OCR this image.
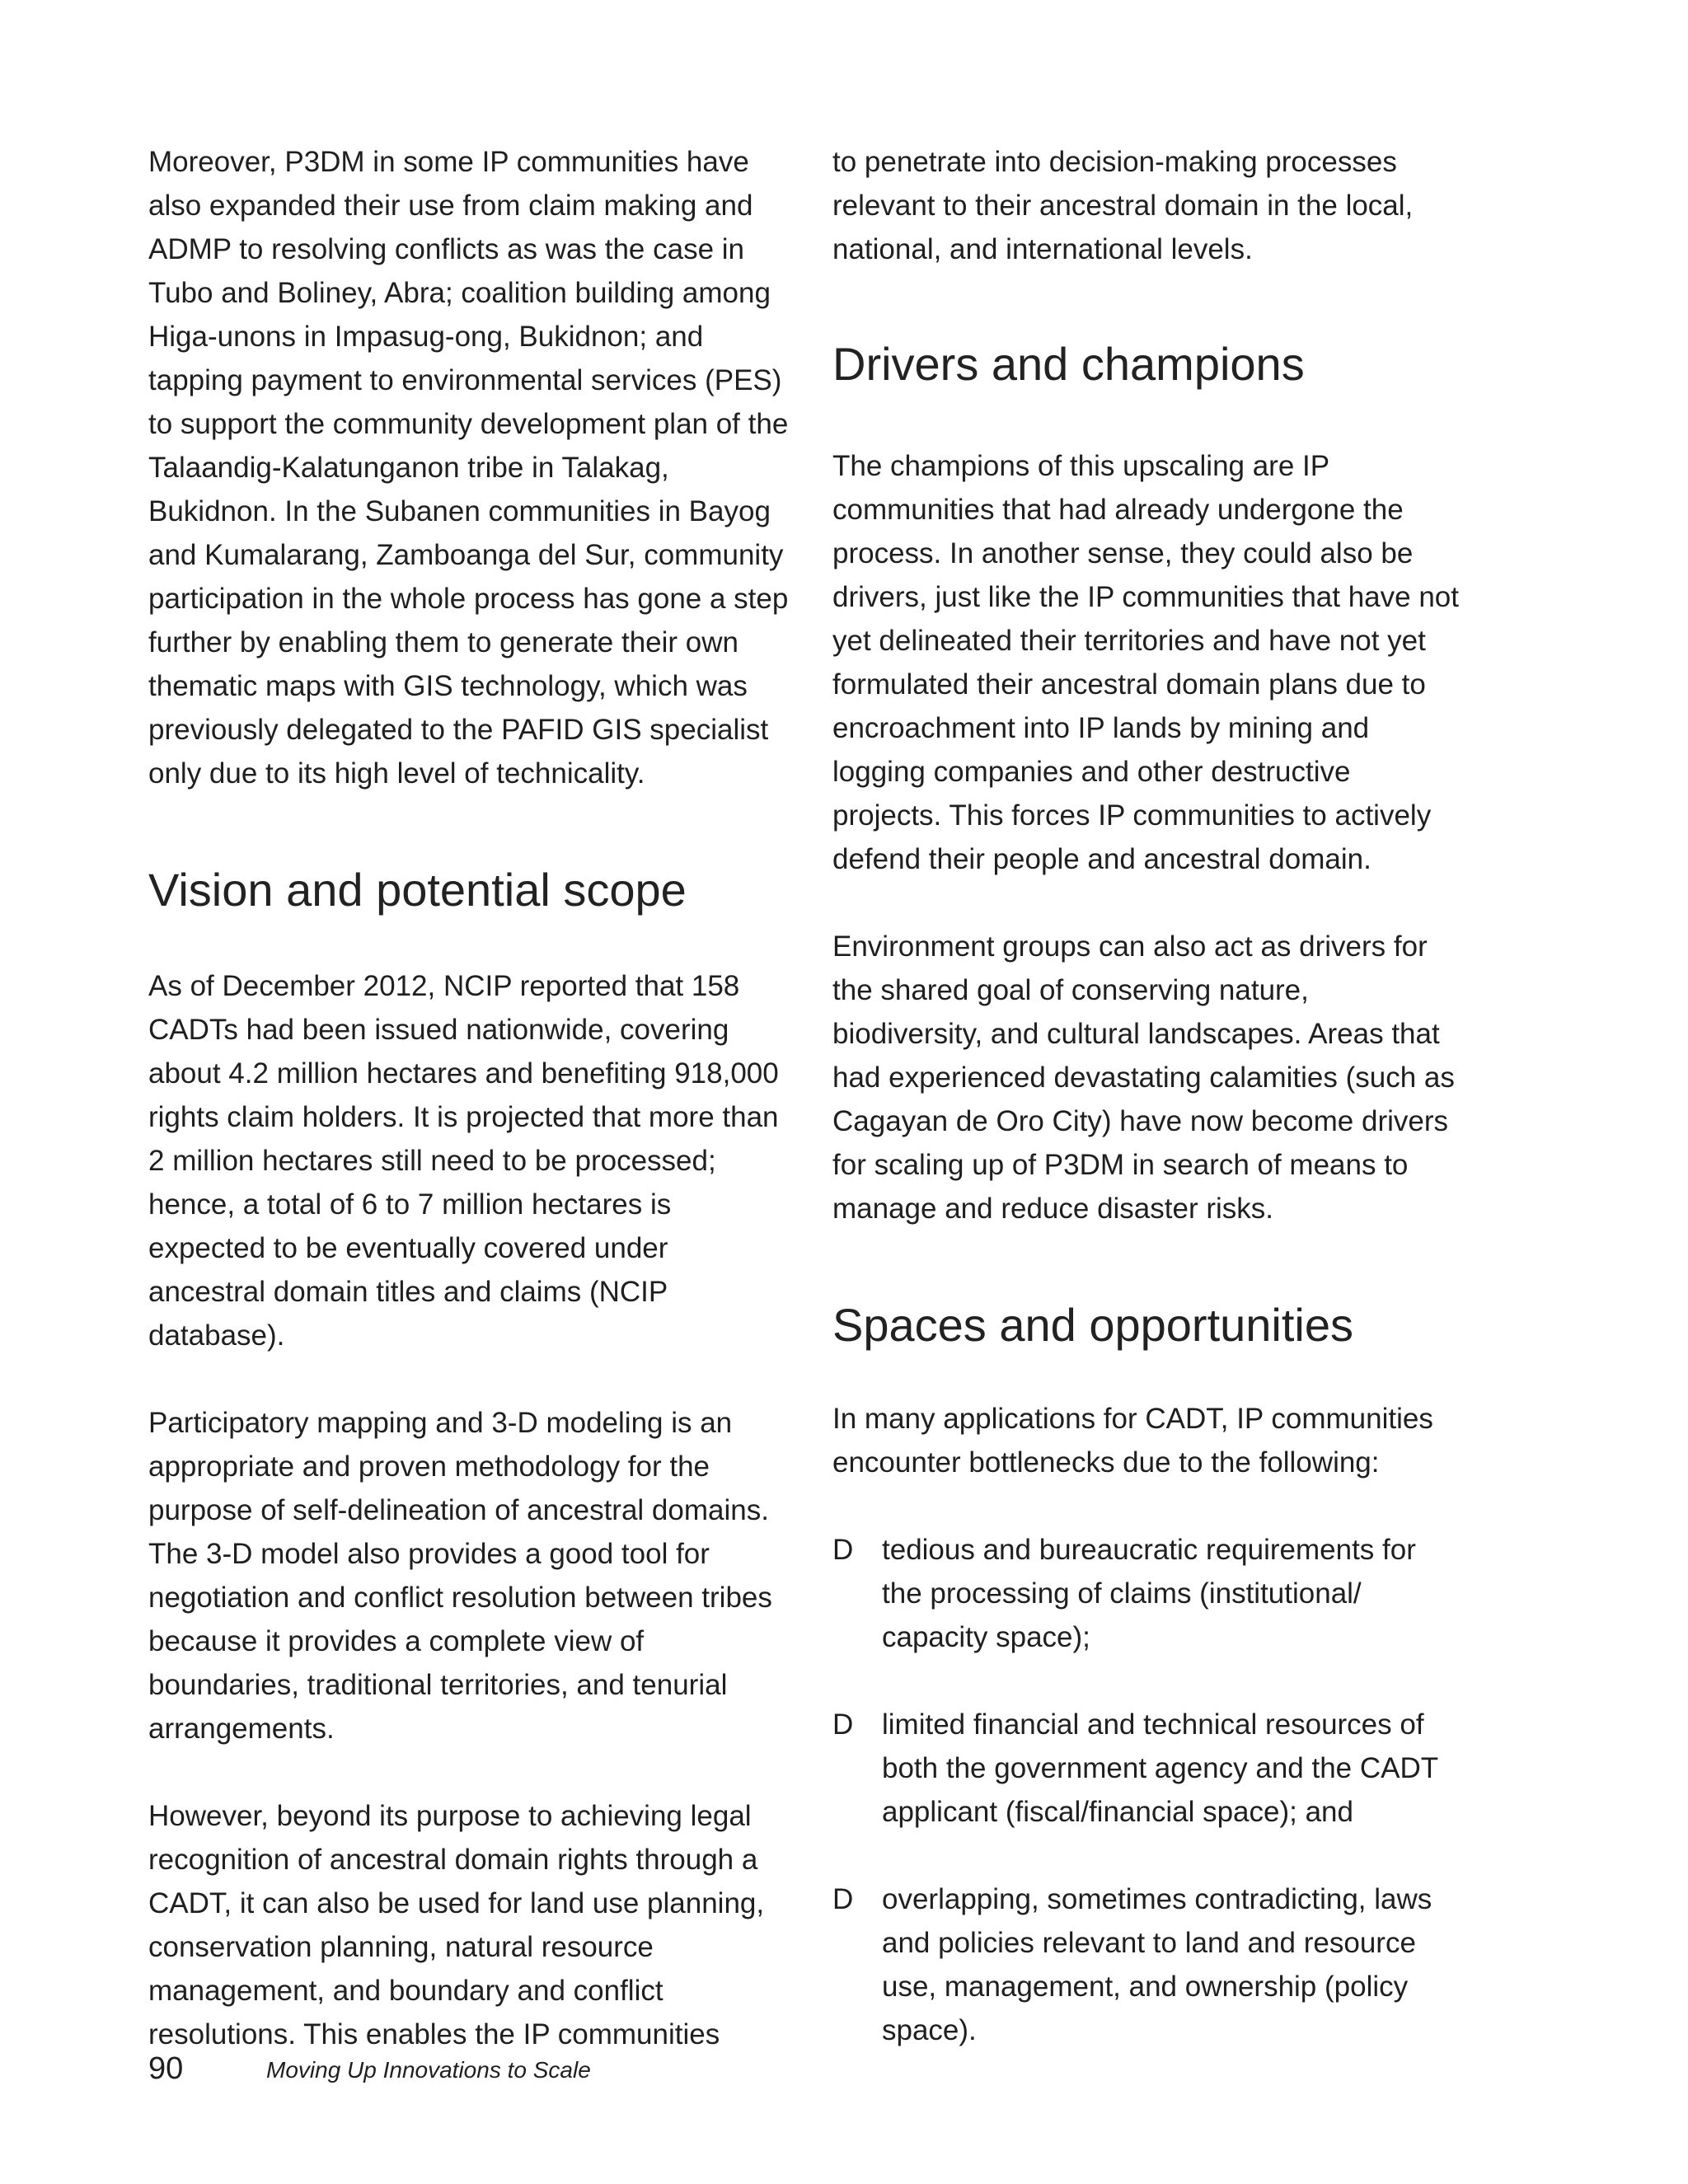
Moreover, P3DM in some IP communities have also expanded their use from claim making and ADMP to resolving conflicts as was the case in Tubo and Boliney, Abra; coalition building among Higa-unons in Impasug-ong, Bukidnon; and tapping payment to environmental services (PES) to support the community development plan of the Talaandig-Kalatunganon tribe in Talakag, Bukidnon. In the Subanen communities in Bayog and Kumalarang, Zamboanga del Sur, community participation in the whole process has gone a step further by enabling them to generate their own thematic maps with GIS technology, which was previously delegated to the PAFID GIS specialist only due to its high level of technicality.

Vision and potential scope

As of December 2012, NCIP reported that 158 CADTs had been issued nationwide, covering about 4.2 million hectares and benefiting 918,000 rights claim holders. It is projected that more than 2 million hectares still need to be processed; hence, a total of 6 to 7 million hectares is expected to be eventually covered under ancestral domain titles and claims (NCIP database).

Participatory mapping and 3-D modeling is an appropriate and proven methodology for the purpose of self-delineation of ancestral domains. The 3-D model also provides a good tool for negotiation and conflict resolution between tribes because it provides a complete view of boundaries, traditional territories, and tenurial arrangements.

However, beyond its purpose to achieving legal recognition of ancestral domain rights through a CADT, it can also be used for land use planning, conservation planning, natural resource management, and boundary and conflict resolutions. This enables the IP communities

to penetrate into decision-making processes relevant to their ancestral domain in the local, national, and international levels.

Drivers and champions

The champions of this upscaling are IP communities that had already undergone the process. In another sense, they could also be drivers, just like the IP communities that have not yet delineated their territories and have not yet formulated their ancestral domain plans due to encroachment into IP lands by mining and logging companies and other destructive projects. This forces IP communities to actively defend their people and ancestral domain.

Environment groups can also act as drivers for the shared goal of conserving nature, biodiversity, and cultural landscapes. Areas that had experienced devastating calamities (such as Cagayan de Oro City) have now become drivers for scaling up of P3DM in search of means to manage and reduce disaster risks.

Spaces and opportunities

In many applications for CADT, IP communities encounter bottlenecks due to the following:

D tedious and bureaucratic requirements for the processing of claims (institutional/ capacity space);
D limited financial and technical resources of both the government agency and the CADT applicant (fiscal/financial space); and
D overlapping, sometimes contradicting, laws and policies relevant to land and resource use, management, and ownership (policy space).
90	Moving Up Innovations to Scale
